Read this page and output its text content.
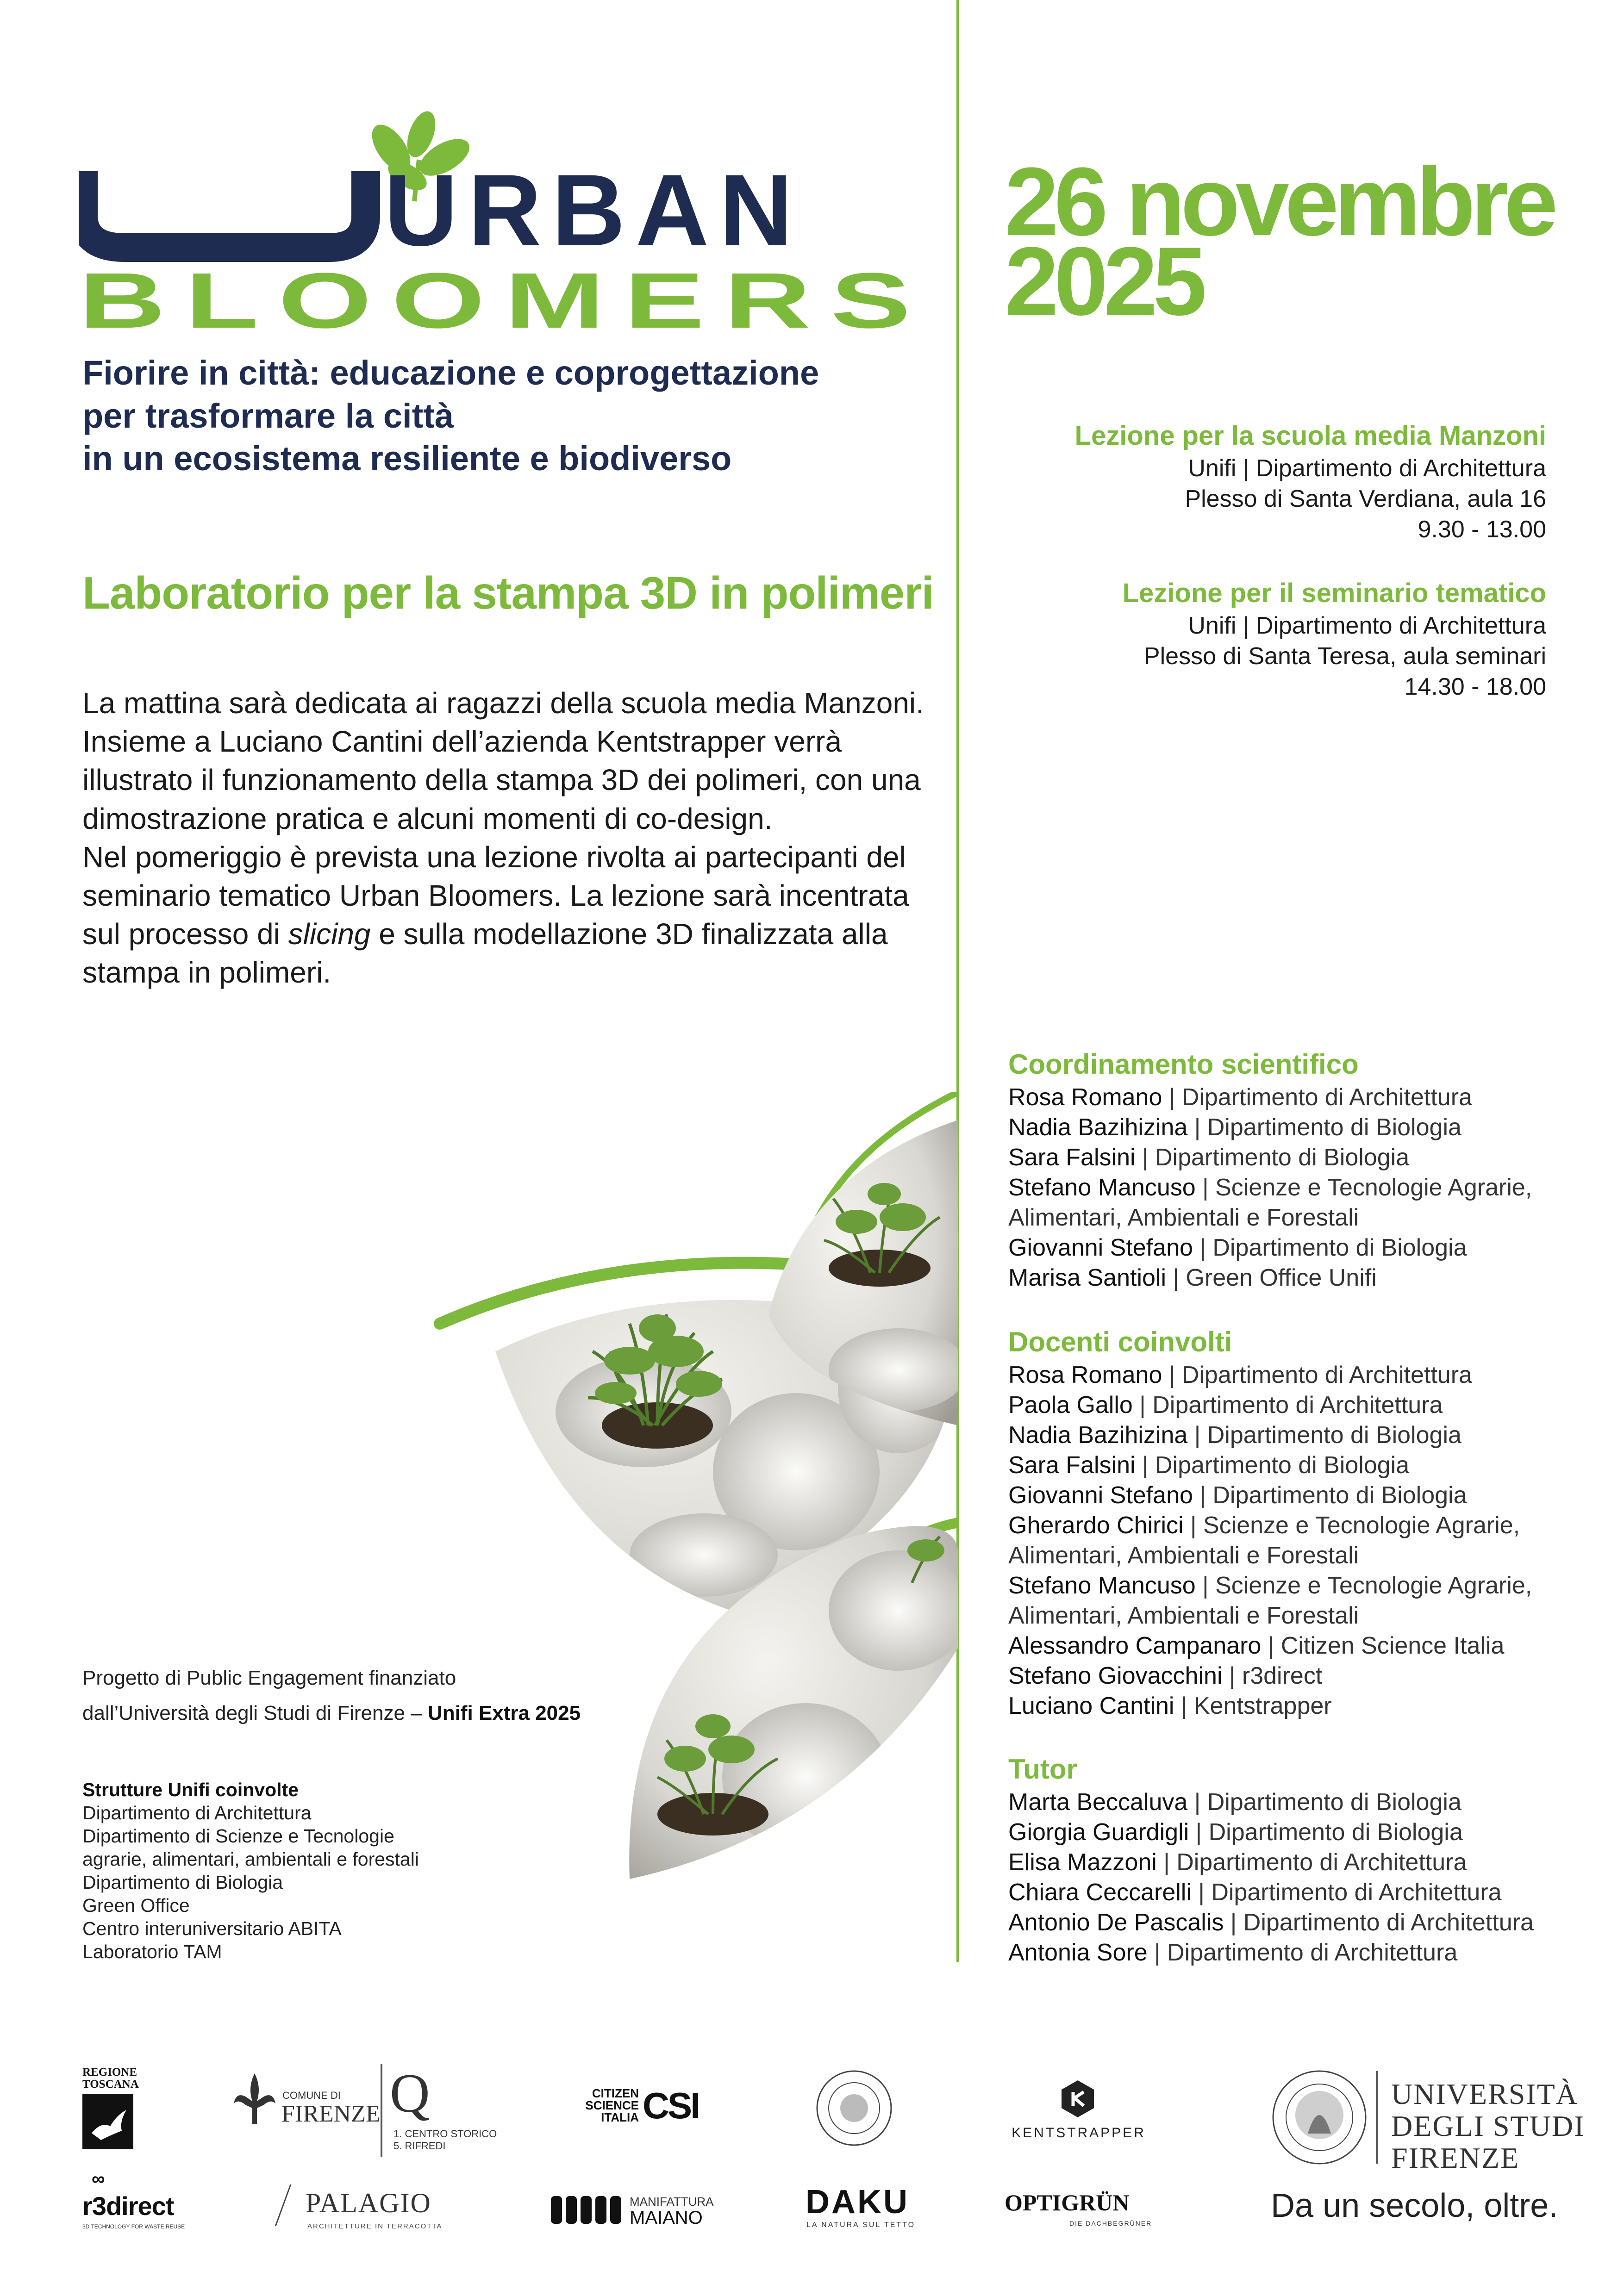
URBAN
BLOOMERS
Fiorire in città: educazione e coprogettazione
per trasformare la città
in un ecosistema resiliente e biodiverso
Laboratorio per la stampa 3D in polimeri
La mattina sarà dedicata ai ragazzi della scuola media Manzoni.
Insieme a Luciano Cantini dell’azienda Kentstrapper verrà
illustrato il funzionamento della stampa 3D dei polimeri, con una
dimostrazione pratica e alcuni momenti di co-design.
Nel pomeriggio è prevista una lezione rivolta ai partecipanti del
seminario tematico Urban Bloomers. La lezione sarà incentrata
sul processo di slicing e sulla modellazione 3D finalizzata alla
stampa in polimeri.
26 novembre
2025
Lezione per la scuola media Manzoni
Unifi | Dipartimento di Architettura
Plesso di Santa Verdiana, aula 16
9.30 - 13.00
Lezione per il seminario tematico
Unifi | Dipartimento di Architettura
Plesso di Santa Teresa, aula seminari
14.30 - 18.00
Coordinamento scientifico
Rosa Romano | Dipartimento di Architettura
Nadia Bazihizina | Dipartimento di Biologia
Sara Falsini | Dipartimento di Biologia
Stefano Mancuso | Scienze e Tecnologie Agrarie,
Alimentari, Ambientali e Forestali
Giovanni Stefano | Dipartimento di Biologia
Marisa Santioli | Green Office Unifi
Docenti coinvolti
Rosa Romano | Dipartimento di Architettura
Paola Gallo | Dipartimento di Architettura
Nadia Bazihizina | Dipartimento di Biologia
Sara Falsini | Dipartimento di Biologia
Giovanni Stefano | Dipartimento di Biologia
Gherardo Chirici | Scienze e Tecnologie Agrarie,
Alimentari, Ambientali e Forestali
Stefano Mancuso | Scienze e Tecnologie Agrarie,
Alimentari, Ambientali e Forestali
Alessandro Campanaro | Citizen Science Italia
Stefano Giovacchini | r3direct
Luciano Cantini | Kentstrapper
Tutor
Marta Beccaluva | Dipartimento di Biologia
Giorgia Guardigli | Dipartimento di Biologia
Elisa Mazzoni | Dipartimento di Architettura
Chiara Ceccarelli | Dipartimento di Architettura
Antonio De Pascalis | Dipartimento di Architettura
Antonia Sore | Dipartimento di Architettura
Progetto di Public Engagement finanziato
dall’Università degli Studi di Firenze – Unifi Extra 2025
Strutture Unifi coinvolte
Dipartimento di Architettura
Dipartimento di Scienze e Tecnologie
agrarie, alimentari, ambientali e forestali
Dipartimento di Biologia
Green Office
Centro interuniversitario ABITA
Laboratorio TAM
REGIONE
TOSCANA
COMUNE DI
FIRENZE Q
1. CENTRO STORICO
5. RIFREDI
CITIZEN
SCIENCE
ITALIA CSI
KENTSTRAPPER
UNIVERSITÀ
DEGLI STUDI
FIRENZE
Da un secolo, oltre.
∞
r3direct
3D TECHNOLOGY FOR WASTE REUSE
PALAGIO
ARCHITETTURE IN TERRACOTTA
MANIFATTURA
MAIANO	DAKU
LA NATURA SUL TETTO
OPTIGRÜN
DIE DACHBEGRÜNER
